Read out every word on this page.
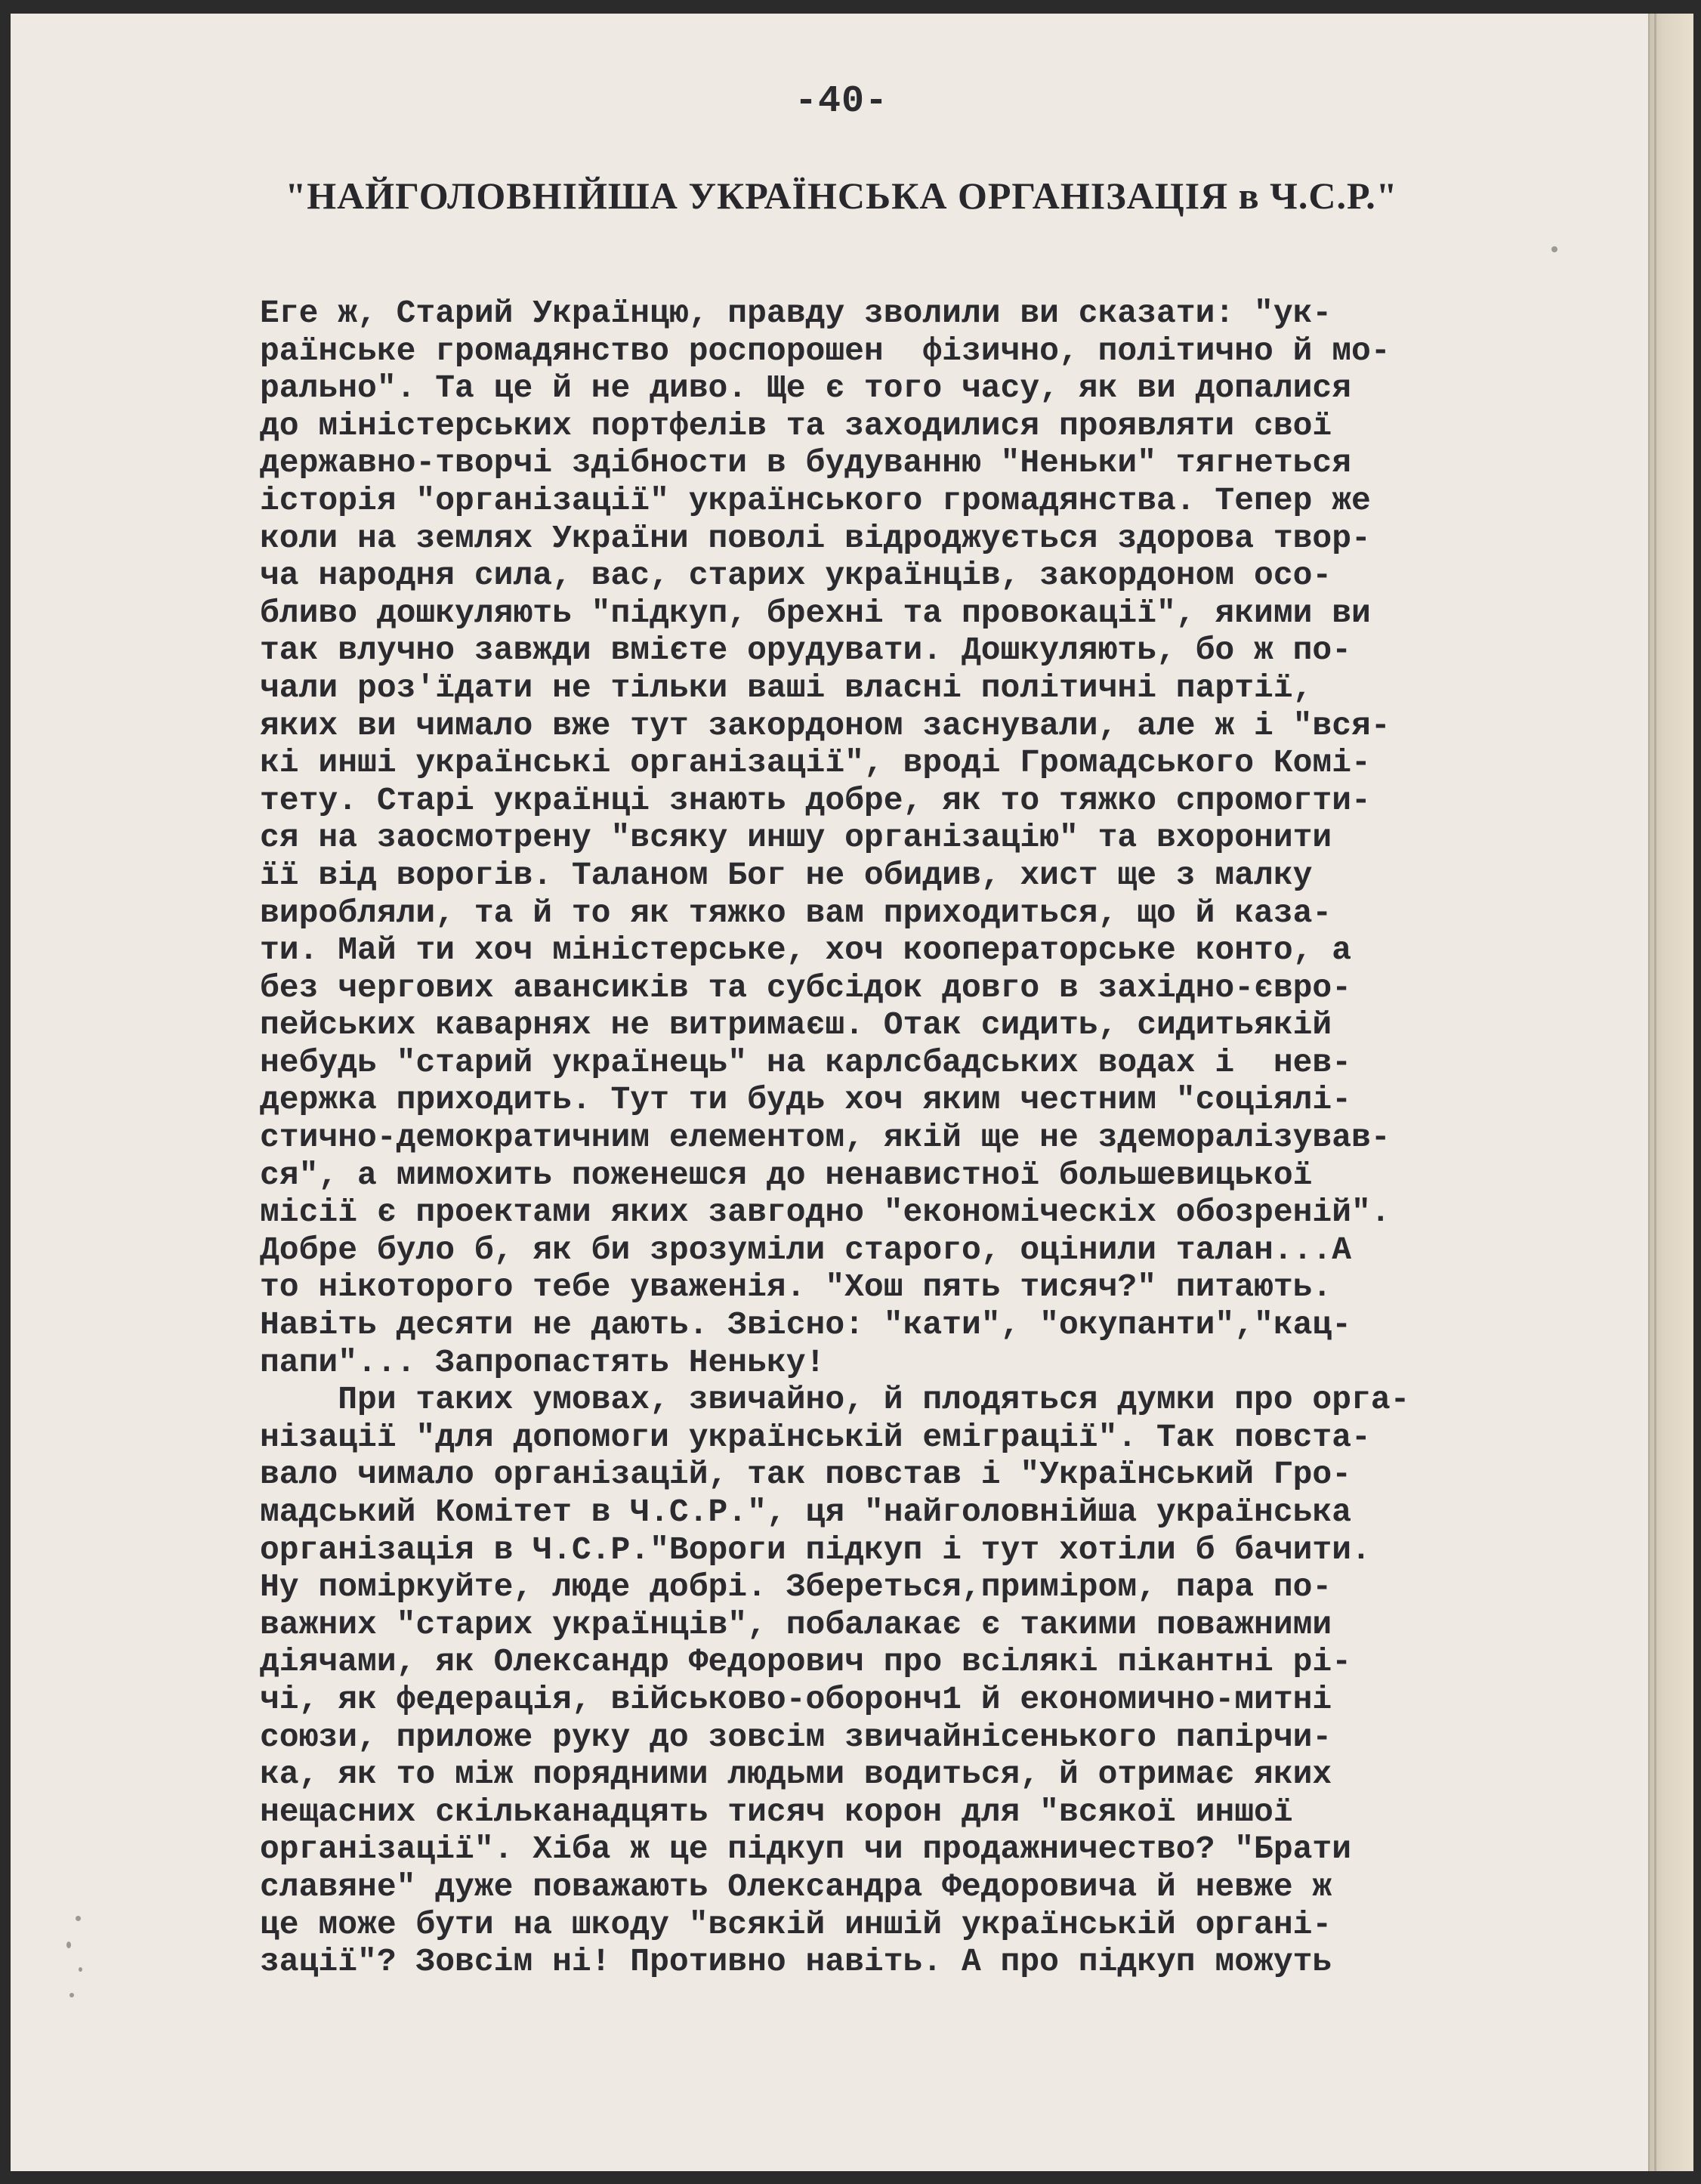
-40-
"НАЙГОЛОВНІЙША УКРАЇНСЬКА ОРГАНІЗАЦІЯ в Ч.С.Р."
Еге ж, Старий Українцю, правду зволили ви сказати: "ук-
раїнське громадянство роспорошен  фізично, політично й мо-
рально". Та це й не диво. Ще є того часу, як ви допалися
до міністерських портфелів та заходилися проявляти свої
державно-творчі здібности в будуванню "Неньки" тягнеться
історія "організації" українського громадянства. Тепер же
коли на землях України поволі відроджується здорова твор-
ча народня сила, вас, старих українців, закордоном осо-
бливо дошкуляють "підкуп, брехні та провокації", якими ви
так влучно завжди вмієте орудувати. Дошкуляють, бо ж по-
чали роз'їдати не тільки ваші власні політичні партії,
яких ви чимало вже тут закордоном заснували, але ж і "вся-
кі инші українські організації", вроді Громадського Комі-
тету. Старі українці знають добре, як то тяжко спромогти-
ся на заосмотрену "всяку иншу організацію" та вхоронити
її від ворогів. Таланом Бог не обидив, хист ще з малку
виробляли, та й то як тяжко вам приходиться, що й каза-
ти. Май ти хоч міністерське, хоч кооператорське конто, а
без чергових авансиків та субсідок довго в західно-євро-
пейських каварнях не витримаєш. Отак сидить, сидитьякій
небудь "старий українець" на карлсбадських водах і  нев-
держка приходить. Тут ти будь хоч яким честним "соціялі-
стично-демократичним елементом, якій ще не здеморалізував-
ся", а мимохить поженешся до ненавистної большевицької
місії є проектами яких завгодно "економіческіх обозреній".
Добре було б, як би зрозуміли старого, оцінили талан...А
то нікоторого тебе уваженія. "Хош пять тисяч?" питають.
Навіть десяти не дають. Звісно: "кати", "окупанти","кац-
папи"... Запропастять Неньку!
При таких умовах, звичайно, й плодяться думки про орга-
нізації "для допомоги українській еміграції". Так повста-
вало чимало організацій, так повстав і "Український Гро-
мадський Комітет в Ч.С.Р.", ця "найголовнійша українська
організація в Ч.С.Р."Вороги підкуп і тут хотіли б бачити.
Ну поміркуйте, люде добрі. Збереться,приміром, пара по-
важних "старих українців", побалакає є такими поважними
діячами, як Олександр Федорович про всілякі пікантні рі-
чі, як федерація, військово-оборонч1 й економично-митні
союзи, приложе руку до зовсім звичайнісенького папірчи-
ка, як то між порядними людьми водиться, й отримає яких
нещасних скільканадцять тисяч корон для "всякої иншої
організації". Хіба ж це підкуп чи продажничество? "Брати
славяне" дуже поважають Олександра Федоровича й невже ж
це може бути на шкоду "всякій иншій українській органі-
зації"? Зовсім ні! Противно навіть. А про підкуп можуть
